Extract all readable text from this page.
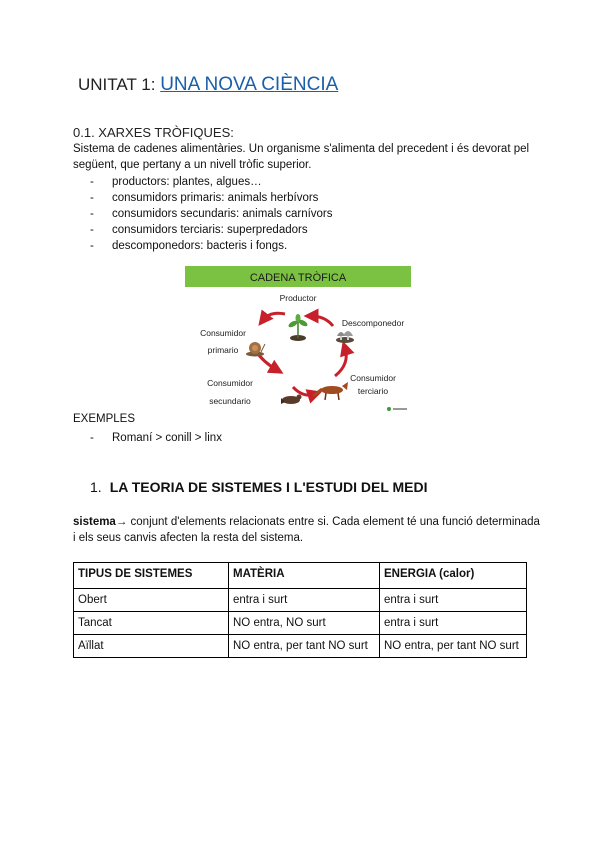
UNITAT 1: UNA NOVA CIÈNCIA
0.1. XARXES TRÒFIQUES:
Sistema de cadenes alimentàries. Un organisme s'alimenta del precedent i és devorat pel següent, que pertany a un nivell tròfic superior.
- productors: plantes, algues…
- consumidors primaris: animals herbívors
- consumidors secundaris: animals carnívors
- consumidors terciaris: superpredadors
- descomponedors: bacteris i fongs.
CADENA TRÒFICA
Productor
Descomponedor
Consumidor
primario
Consumidor
secundario
Consumidor
terciario
EXEMPLES
- Romaní > conill > linx
1. LA TEORIA DE SISTEMES I L'ESTUDI DEL MEDI
sistema→ conjunt d'elements relacionats entre si. Cada element té una funció determinada i els seus canvis afecten la resta del sistema.
TIPUS DE SISTEMES	MATÈRIA	ENERGIA (calor)
Obert	entra i surt	entra i surt
Tancat	NO entra, NO surt	entra i surt
Aïllat	NO entra, per tant NO surt	NO entra, per tant NO surt
